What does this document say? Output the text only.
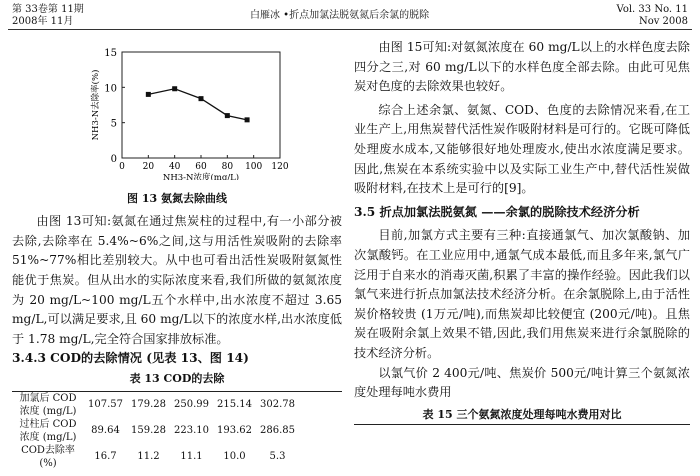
第 33卷第 11期
2008年 11月
白雁冰 •折点加氯法脱氨氮后余氯的脱除
Vol. 33 No. 11
Nov 2008
0 20 40 60 80 100 120
0
5
10
15
NH3-N浓度(mg/L)
NH3-N去除率(%)
图 13 氨氮去除曲线

由图 13可知:氨氮在通过焦炭柱的过程中,有一小部分被去除,去除率在 5.4%~6%之间,这与用活性炭吸附的去除率 51%~77%相比差别较大。从中也可看出活性炭吸附氨氮性能优于焦炭。但从出水的实际浓度来看,我们所做的氨氮浓度为 20 mg/L~100 mg/L五个水样中,出水浓度不超过 3.65 mg/L,可以满足要求,且 60 mg/L以下的浓度水样,出水浓度低于 1.78 mg/L,完全符合国家排放标准。

3.4.3 COD的去除情况 (见表 13、图 14)

表 13 COD的去除
加氯后 COD浓度 (mg/L)	107.57	179.28	250.99	215.14	302.78
过柱后 COD浓度 (mg/L)	89.64	159.28	223.10	193.62	286.85
COD去除率 (%)	16.7	11.2	11.1	10.0	5.3

由图 15可知:对氨氮浓度在 60 mg/L以上的水样色度去除四分之三,对 60 mg/L以下的水样色度全部去除。由此可见焦炭对色度的去除效果也较好。

综合上述余氯、氨氮、COD、色度的去除情况来看,在工业生产上,用焦炭替代活性炭作吸附材料是可行的。它既可降低处理废水成本,又能够很好地处理废水,使出水浓度满足要求。因此,焦炭在本系统实验中以及实际工业生产中,替代活性炭做吸附材料,在技术上是可行的[9]。

3.5 折点加氯法脱氨氮 ——余氯的脱除技术经济分析

目前,加氯方式主要有三种:直接通氯气、加次氯酸钠、加次氯酸钙。在工业应用中,通氯气成本最低,而且多年来,氯气广泛用于自来水的消毒灭菌,积累了丰富的操作经验。因此我们以氯气来进行折点加氯法技术经济分析。在余氯脱除上,由于活性炭价格较贵 (1万元/吨),而焦炭却比较便宜 (200元/吨)。且焦炭在吸附余氯上效果不错,因此,我们用焦炭来进行余氯脱除的技术经济分析。

以氯气价 2 400元/吨、焦炭价 500元/吨计算三个氨氮浓度处理每吨水费用

表 15 三个氨氮浓度处理每吨水费用对比
